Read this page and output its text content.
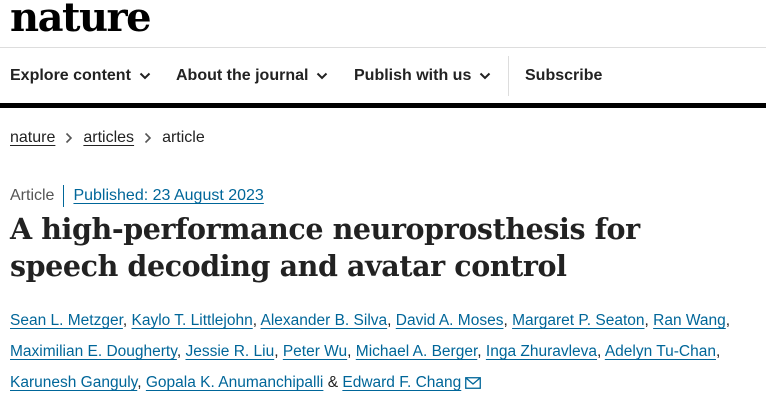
nature
Explore content	About the journal	Publish with us	Subscribe
nature articles article
Article Published: 23 August 2023
A high-performance neuroprosthesis for speech decoding and avatar control
Sean L. Metzger, Kaylo T. Littlejohn, Alexander B. Silva, David A. Moses, Margaret P. Seaton, Ran Wang, Maximilian E. Dougherty, Jessie R. Liu, Peter Wu, Michael A. Berger, Inga Zhuravleva, Adelyn Tu-Chan, Karunesh Ganguly, Gopala K. Anumanchipalli & Edward F. Chang
